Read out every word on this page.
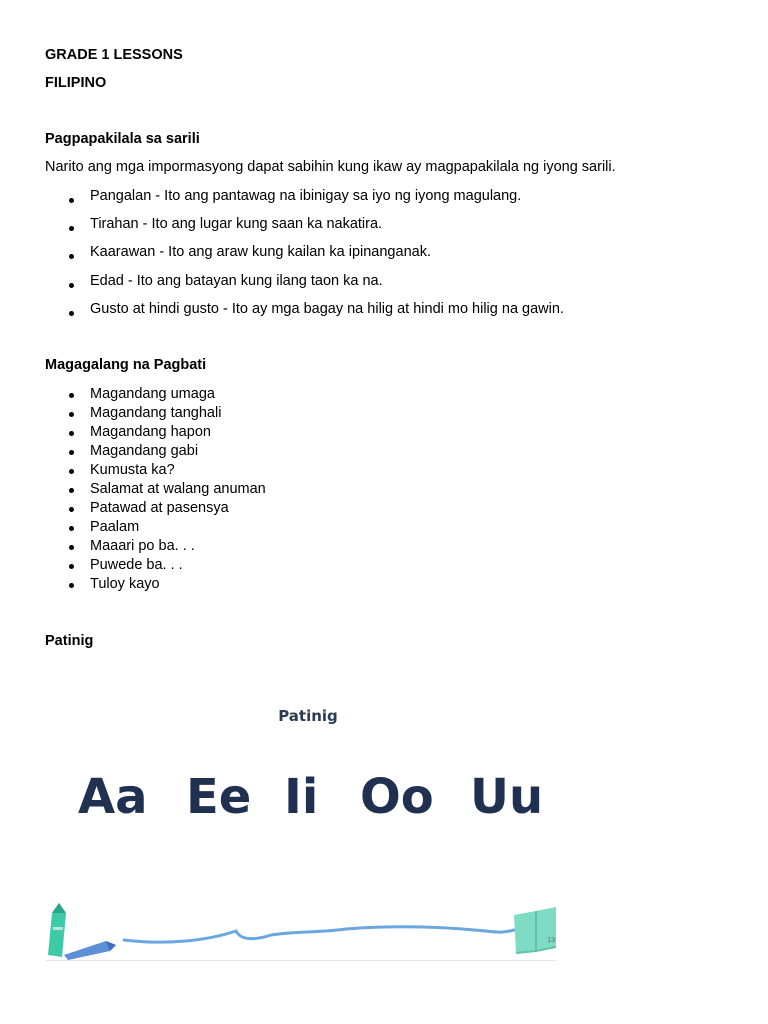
GRADE 1 LESSONS
FILIPINO
Pagpapakilala sa sarili
Narito ang mga impormasyong dapat sabihin kung ikaw ay magpapakilala ng iyong sarili.
Pangalan - Ito ang pantawag na ibinigay sa iyo ng iyong magulang.
Tirahan - Ito ang lugar kung saan ka nakatira.
Kaarawan - Ito ang araw kung kailan ka ipinanganak.
Edad - Ito ang batayan kung ilang taon ka na.
Gusto at hindi gusto - Ito ay mga bagay na hilig at hindi mo hilig na gawin.
Magagalang na Pagbati
Magandang umaga
Magandang tanghali
Magandang hapon
Magandang gabi
Kumusta ka?
Salamat at walang anuman
Patawad at pasensya
Paalam
Maaari po ba. . .
Puwede ba. . .
Tuloy kayo
Patinig
Patinig
Aa Ee Ii Oo Uu
13
